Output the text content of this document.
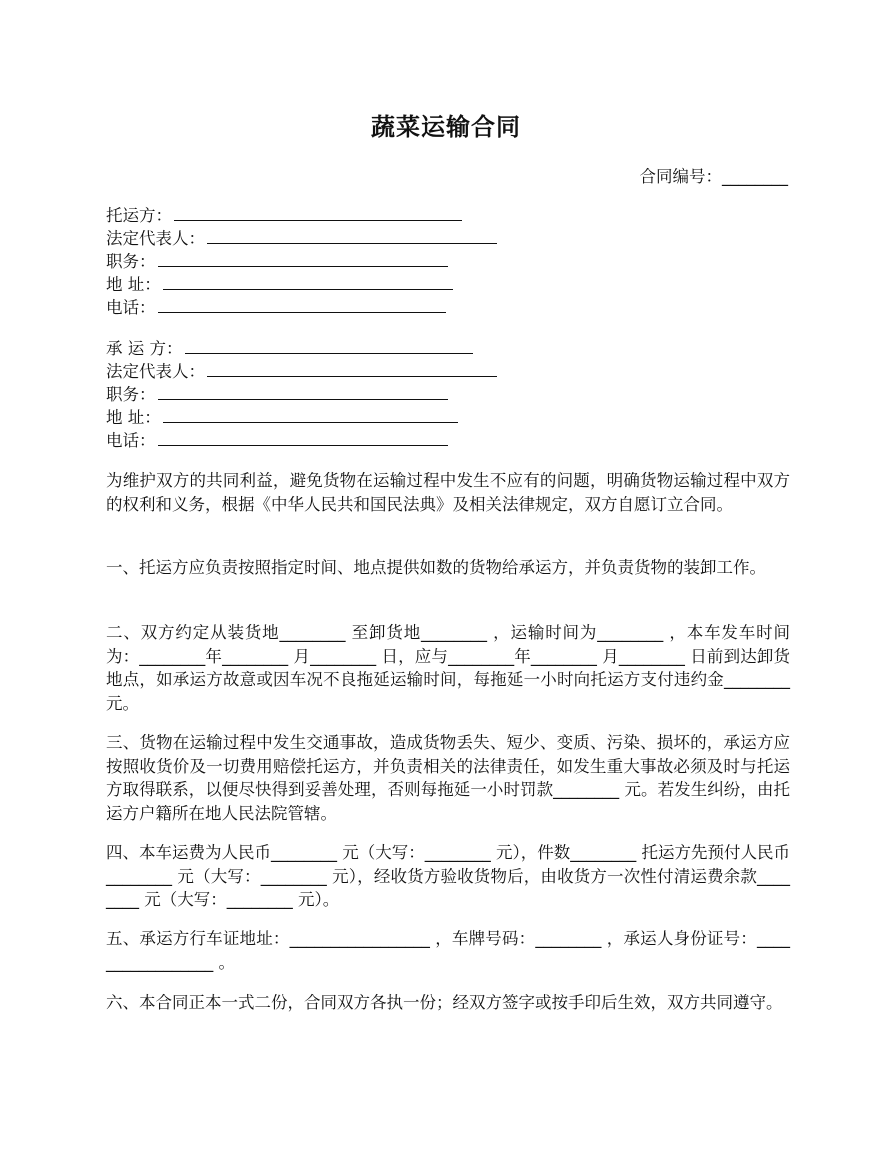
蔬菜运输合同
合同编号：________
托运方：
法定代表人：
职务：
地 址：
电话：
承 运 方：
法定代表人：
职务：
地 址：
电话：
为维护双方的共同利益，避免货物在运输过程中发生不应有的问题，明确货物运输过程中双方的权利和义务，根据《中华人民共和国民法典》及相关法律规定，双方自愿订立合同。
一、托运方应负责按照指定时间、地点提供如数的货物给承运方，并负责货物的装卸工作。
二、双方约定从装货地________ 至卸货地________ ，运输时间为________ ，本车发车时间为：________年________ 月________ 日，应与________年________ 月________ 日前到达卸货地点，如承运方故意或因车况不良拖延运输时间，每拖延一小时向托运方支付违约金________ 元。
三、货物在运输过程中发生交通事故，造成货物丢失、短少、变质、污染、损坏的，承运方应按照收货价及一切费用赔偿托运方，并负责相关的法律责任，如发生重大事故必须及时与托运方取得联系，以便尽快得到妥善处理，否则每拖延一小时罚款________ 元。若发生纠纷，由托运方户籍所在地人民法院管辖。
四、本车运费为人民币________ 元（大写：________ 元），件数________ 托运方先预付人民币________ 元（大写：________ 元），经收货方验收货物后，由收货方一次性付清运费余款________ 元（大写：________ 元）。
五、承运方行车证地址：_________________ ，车牌号码：________ ，承运人身份证号：_________________ 。
六、本合同正本一式二份，合同双方各执一份；经双方签字或按手印后生效，双方共同遵守。
